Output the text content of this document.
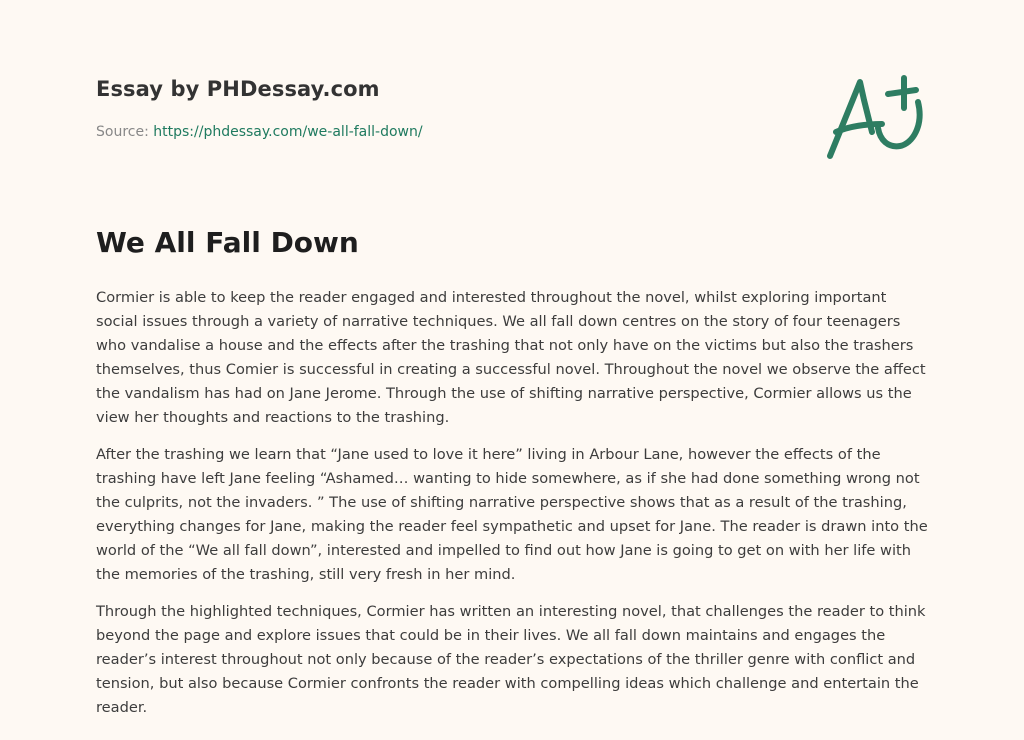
Essay by PHDessay.com
Source: https://phdessay.com/we-all-fall-down/
We All Fall Down

Cormier is able to keep the reader engaged and interested throughout the novel, whilst exploring important social issues through a variety of narrative techniques. We all fall down centres on the story of four teenagers who vandalise a house and the effects after the trashing that not only have on the victims but also the trashers themselves, thus Comier is successful in creating a successful novel. Throughout the novel we observe the affect the vandalism has had on Jane Jerome. Through the use of shifting narrative perspective, Cormier allows us the view her thoughts and reactions to the trashing.

After the trashing we learn that “Jane used to love it here” living in Arbour Lane, however the effects of the trashing have left Jane feeling “Ashamed… wanting to hide somewhere, as if she had done something wrong not the culprits, not the invaders. ” The use of shifting narrative perspective shows that as a result of the trashing, everything changes for Jane, making the reader feel sympathetic and upset for Jane. The reader is drawn into the world of the “We all fall down”, interested and impelled to find out how Jane is going to get on with her life with the memories of the trashing, still very fresh in her mind.

Through the highlighted techniques, Cormier has written an interesting novel, that challenges the reader to think beyond the page and explore issues that could be in their lives. We all fall down maintains and engages the reader’s interest throughout not only because of the reader’s expectations of the thriller genre with conflict and tension, but also because Cormier confronts the reader with compelling ideas which challenge and entertain the reader.
